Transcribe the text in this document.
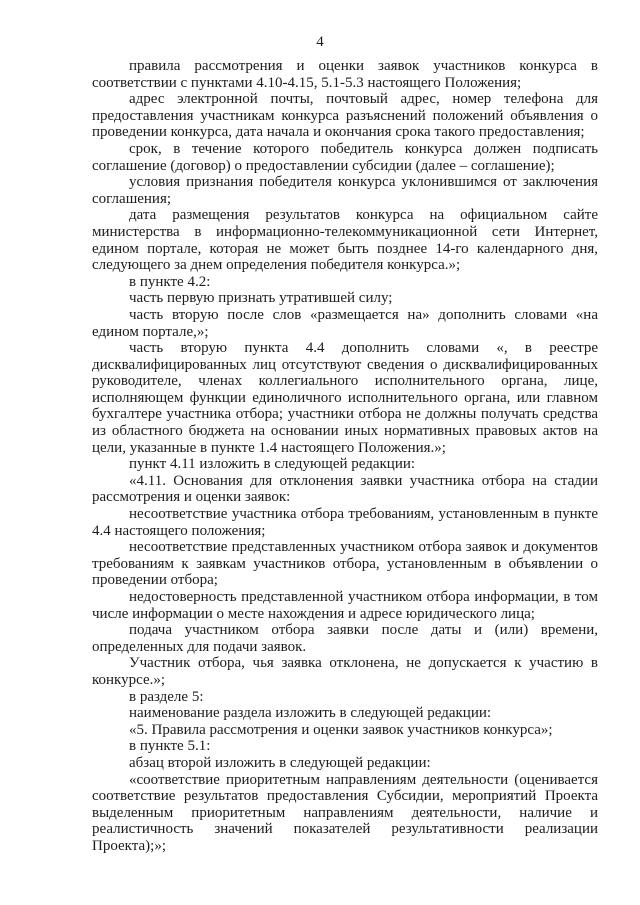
4

правила рассмотрения и оценки заявок участников конкурса в соответствии с пунктами 4.10-4.15, 5.1-5.3 настоящего Положения;

адрес электронной почты, почтовый адрес, номер телефона для предоставления участникам конкурса разъяснений положений объявления о проведении конкурса, дата начала и окончания срока такого предоставления;

срок, в течение которого победитель конкурса должен подписать соглашение (договор) о предоставлении субсидии (далее – соглашение);

условия признания победителя конкурса уклонившимся от заключения соглашения;

дата размещения результатов конкурса на официальном сайте министерства в информационно-телекоммуникационной сети Интернет, едином портале, которая не может быть позднее 14-го календарного дня, следующего за днем определения победителя конкурса.»;

в пункте 4.2:

часть первую признать утратившей силу;

часть вторую после слов «размещается на» дополнить словами «на едином портале,»;

часть вторую пункта 4.4 дополнить словами «, в реестре дисквалифицированных лиц отсутствуют сведения о дисквалифицированных руководителе, членах коллегиального исполнительного органа, лице, исполняющем функции единоличного исполнительного органа, или главном бухгалтере участника отбора; участники отбора не должны получать средства из областного бюджета на основании иных нормативных правовых актов на цели, указанные в пункте 1.4 настоящего Положения.»;

пункт 4.11 изложить в следующей редакции:

«4.11. Основания для отклонения заявки участника отбора на стадии рассмотрения и оценки заявок:

несоответствие участника отбора требованиям, установленным в пункте 4.4 настоящего положения;

несоответствие представленных участником отбора заявок и документов требованиям к заявкам участников отбора, установленным в объявлении о проведении отбора;

недостоверность представленной участником отбора информации, в том числе информации о месте нахождения и адресе юридического лица;

подача участником отбора заявки после даты и (или) времени, определенных для подачи заявок.

Участник отбора, чья заявка отклонена, не допускается к участию в конкурсе.»;

в разделе 5:

наименование раздела изложить в следующей редакции:

«5. Правила рассмотрения и оценки заявок участников конкурса»;

в пункте 5.1:

абзац второй изложить в следующей редакции:

«соответствие приоритетным направлениям деятельности (оценивается соответствие результатов предоставления Субсидии, мероприятий Проекта выделенным приоритетным направлениям деятельности, наличие и реалистичность значений показателей результативности реализации Проекта);»;
